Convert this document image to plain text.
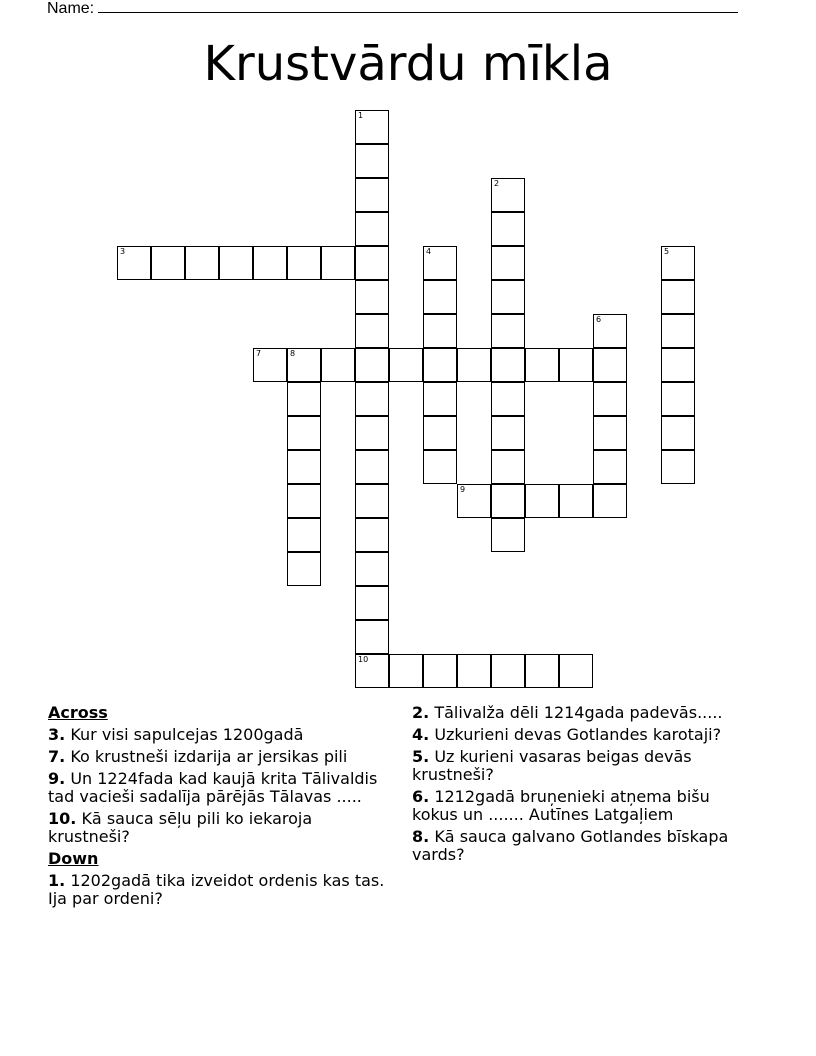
Name:
Krustvārdu mīkla
1
10
2
3	4	5
6
7	8
9
Across
3. Kur visi sapulcejas 1200gadā
7. Ko krustneši izdarija ar jersikas pili
9. Un 1224fada kad kaujā krita Tālivaldis tad vacieši sadalīja pārējās Tālavas .....
10. Kā sauca sēļu pili ko iekaroja krustneši?
Down
1. 1202gadā tika izveidot ordenis kas tas. Ija par ordeni?
2. Tālivalža dēli 1214gada padevās.....
4. Uzkurieni devas Gotlandes karotaji?
5. Uz kurieni vasaras beigas devās krustneši?
6. 1212gadā bruņenieki atņema bišu kokus un ....... Autīnes Latgaļiem
8. Kā sauca galvano Gotlandes bīskapa vards?
